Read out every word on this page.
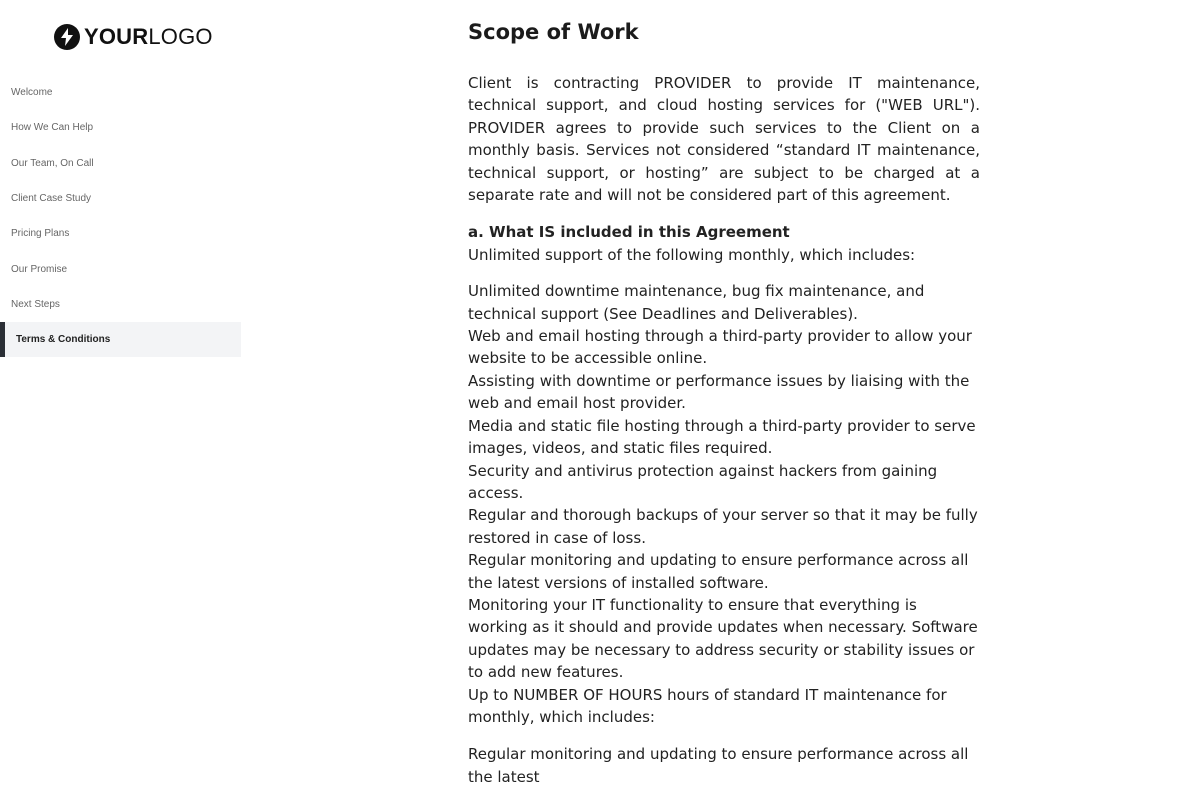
YOUR LOGO
Welcome
How We Can Help
Our Team, On Call
Client Case Study
Pricing Plans
Our Promise
Next Steps
Terms & Conditions
Scope of Work

Client is contracting PROVIDER to provide IT maintenance, technical support, and cloud hosting services for ("WEB URL"). PROVIDER agrees to provide such services to the Client on a monthly basis. Services not considered “standard IT maintenance, technical support, or hosting” are subject to be charged at a separate rate and will not be considered part of this agreement.

a. What IS included in this Agreement

Unlimited support of the following monthly, which includes:

Unlimited downtime maintenance, bug fix maintenance, and technical support (See Deadlines and Deliverables).

Web and email hosting through a third-party provider to allow your website to be accessible online.

Assisting with downtime or performance issues by liaising with the web and email host provider.

Media and static file hosting through a third-party provider to serve images, videos, and static files required.

Security and antivirus protection against hackers from gaining access.

Regular and thorough backups of your server so that it may be fully restored in case of loss.

Regular monitoring and updating to ensure performance across all the latest versions of installed software.

Monitoring your IT functionality to ensure that everything is working as it should and provide updates when necessary. Software updates may be necessary to address security or stability issues or to add new features.

Up to NUMBER OF HOURS hours of standard IT maintenance for monthly, which includes:

Regular monitoring and updating to ensure performance across all the latest
